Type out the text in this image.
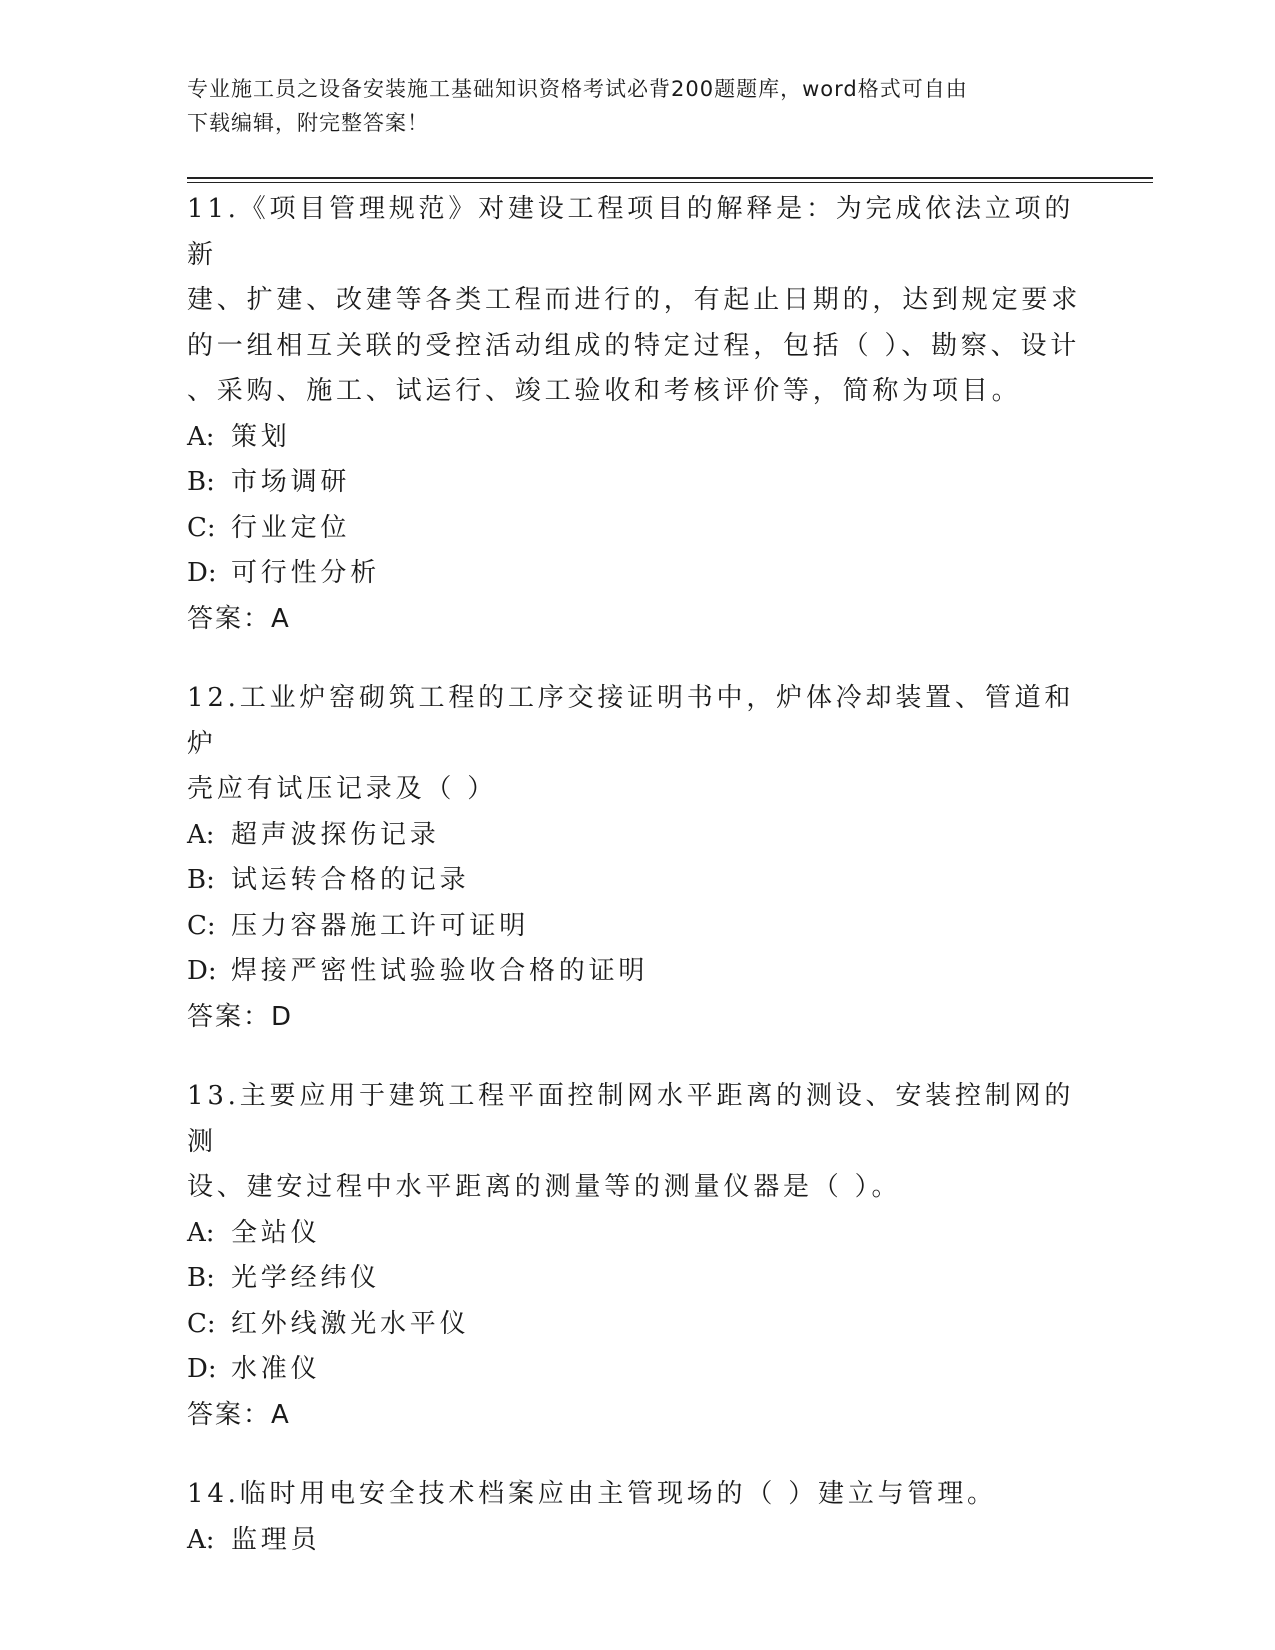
专业施工员之设备安装施工基础知识资格考试必背200题题库，word格式可自由
下载编辑，附完整答案！

11.《项目管理规范》对建设工程项目的解释是：为完成依法立项的新

建、扩建、改建等各类工程而进行的，有起止日期的，达到规定要求

的一组相互关联的受控活动组成的特定过程，包括（ ）、勘察、设计

、采购、施工、试运行、竣工验收和考核评价等，简称为项目。

A: 策划

B: 市场调研

C: 行业定位

D: 可行性分析

答案：A

12.工业炉窑砌筑工程的工序交接证明书中，炉体冷却装置、管道和炉

壳应有试压记录及（ ）

A: 超声波探伤记录

B: 试运转合格的记录

C: 压力容器施工许可证明

D: 焊接严密性试验验收合格的证明

答案：D

13.主要应用于建筑工程平面控制网水平距离的测设、安装控制网的测

设、建安过程中水平距离的测量等的测量仪器是（ ）。

A: 全站仪

B: 光学经纬仪

C: 红外线激光水平仪

D: 水准仪

答案：A

14.临时用电安全技术档案应由主管现场的（ ）建立与管理。

A: 监理员
